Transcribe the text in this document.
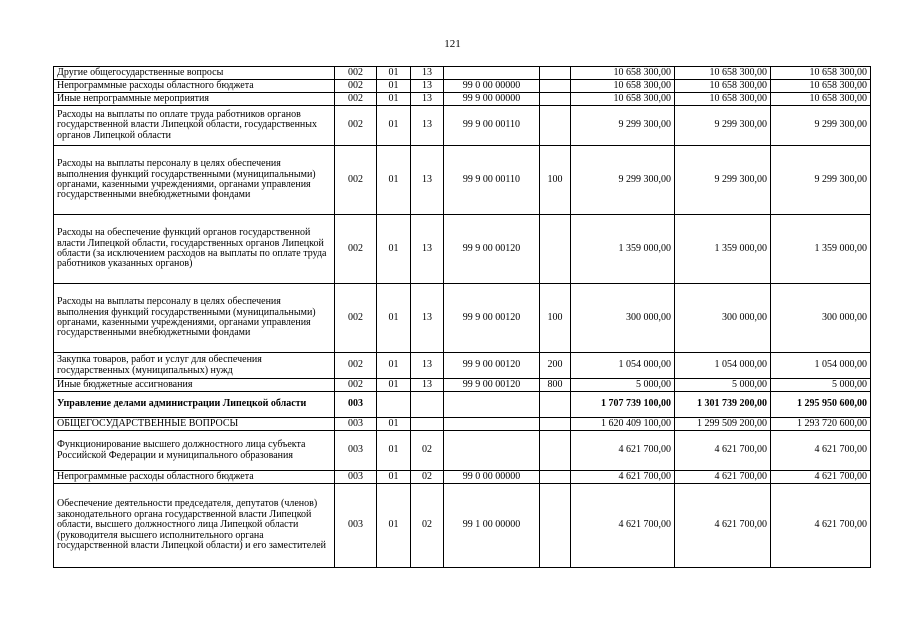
121
Другие общегосударственные вопросы	002	01	13			10 658 300,00	10 658 300,00	10 658 300,00
Непрограммные расходы областного бюджета	002	01	13	99 0 00 00000		10 658 300,00	10 658 300,00	10 658 300,00
Иные непрограммные мероприятия	002	01	13	99 9 00 00000		10 658 300,00	10 658 300,00	10 658 300,00
Расходы на выплаты по оплате труда работников органов государственной власти Липецкой области, государственных органов Липецкой области	002	01	13	99 9 00 00110		9 299 300,00	9 299 300,00	9 299 300,00
Расходы на выплаты персоналу в целях обеспечения выполнения функций государственными (муниципальными) органами, казенными учреждениями, органами управления государственными внебюджетными фондами	002	01	13	99 9 00 00110	100	9 299 300,00	9 299 300,00	9 299 300,00
Расходы на обеспечение функций органов государственной власти Липецкой области, государственных органов Липецкой области (за исключением расходов на выплаты по оплате труда работников указанных органов)	002	01	13	99 9 00 00120		1 359 000,00	1 359 000,00	1 359 000,00
Расходы на выплаты персоналу в целях обеспечения выполнения функций государственными (муниципальными) органами, казенными учреждениями, органами управления государственными внебюджетными фондами	002	01	13	99 9 00 00120	100	300 000,00	300 000,00	300 000,00
Закупка товаров, работ и услуг для обеспечения государственных (муниципальных) нужд	002	01	13	99 9 00 00120	200	1 054 000,00	1 054 000,00	1 054 000,00
Иные бюджетные ассигнования	002	01	13	99 9 00 00120	800	5 000,00	5 000,00	5 000,00
Управление делами администрации Липецкой области	003					1 707 739 100,00	1 301 739 200,00	1 295 950 600,00
ОБЩЕГОСУДАРСТВЕННЫЕ ВОПРОСЫ	003	01				1 620 409 100,00	1 299 509 200,00	1 293 720 600,00
Функционирование высшего должностного лица субъекта Российской Федерации и муниципального образования	003	01	02			4 621 700,00	4 621 700,00	4 621 700,00
Непрограммные расходы областного бюджета	003	01	02	99 0 00 00000		4 621 700,00	4 621 700,00	4 621 700,00
Обеспечение деятельности председателя, депутатов (членов) законодательного органа государственной власти Липецкой области, высшего должностного лица Липецкой области (руководителя высшего исполнительного органа государственной власти Липецкой области) и его заместителей	003	01	02	99 1 00 00000		4 621 700,00	4 621 700,00	4 621 700,00
